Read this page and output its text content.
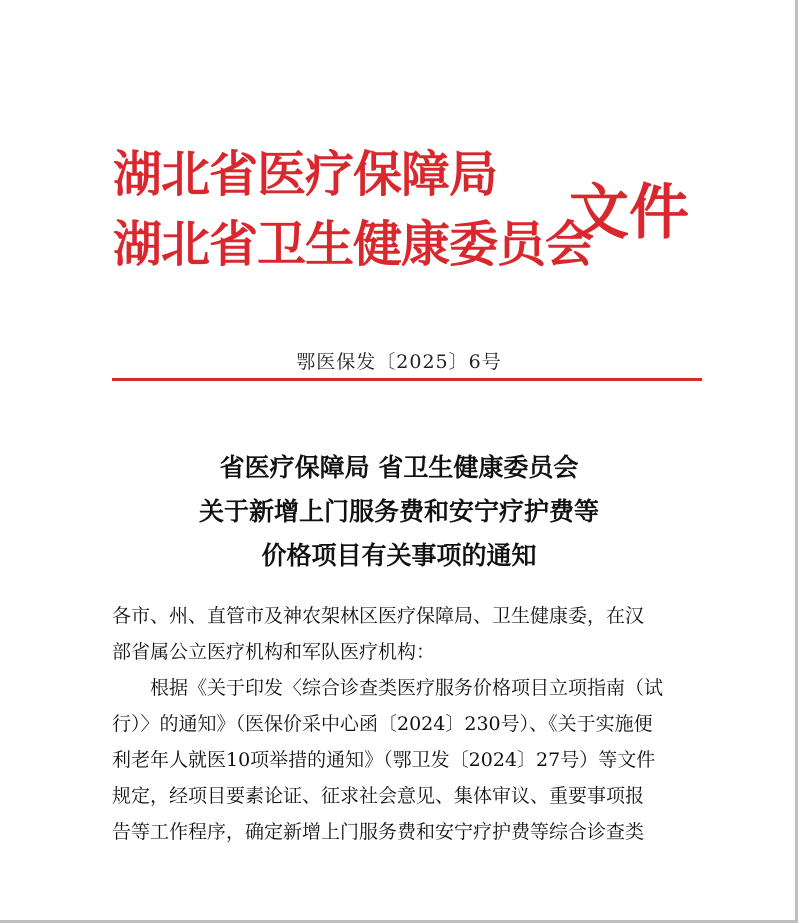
湖北省医疗保障局
湖北省卫生健康委员会
文件
鄂医保发〔2025〕6号
省医疗保障局 省卫生健康委员会
关于新增上门服务费和安宁疗护费等
价格项目有关事项的通知
各市、州、直管市及神农架林区医疗保障局、卫生健康委，在汉
部省属公立医疗机构和军队医疗机构：
根据《关于印发〈综合诊查类医疗服务价格项目立项指南（试
行）〉的通知》（医保价采中心函〔2024〕230号）、《关于实施便
利老年人就医10项举措的通知》（鄂卫发〔2024〕27号）等文件
规定，经项目要素论证、征求社会意见、集体审议、重要事项报
告等工作程序，确定新增上门服务费和安宁疗护费等综合诊查类
